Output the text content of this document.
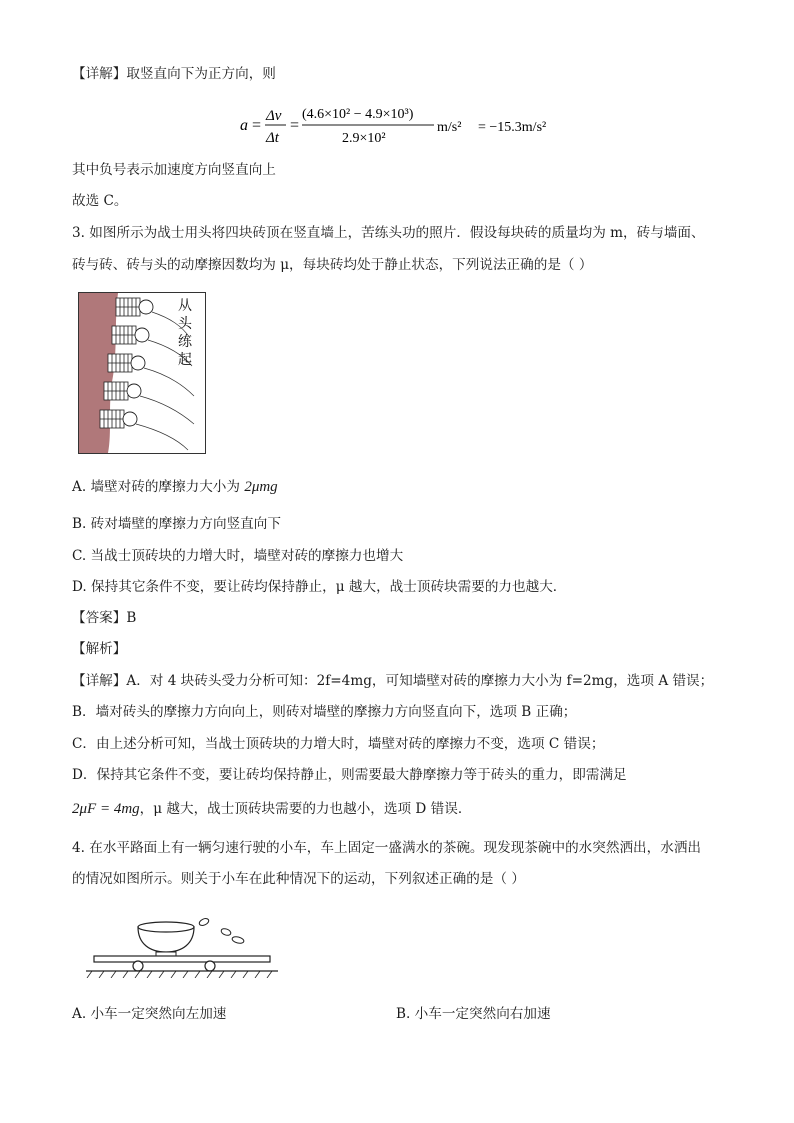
【详解】取竖直向下为正方向，则
a =
Δv
Δt
=
(4.6×10² − 4.9×10³)
2.9×10²
m/s² = −15.3m/s²
其中负号表示加速度方向竖直向上
故选 C。
3. 如图所示为战士用头将四块砖顶在竖直墙上，苦练头功的照片．假设每块砖的质量均为 m，砖与墙面、
砖与砖、砖与头的动摩擦因数均为 μ，每块砖均处于静止状态，下列说法正确的是（ ）
从
头
练
起
A. 墙壁对砖的摩擦力大小为 2μmg
B. 砖对墙壁的摩擦力方向竖直向下
C. 当战士顶砖块的力增大时，墙壁对砖的摩擦力也增大
D. 保持其它条件不变，要让砖均保持静止，μ 越大，战士顶砖块需要的力也越大．
【答案】B
【解析】
【详解】A．对 4 块砖头受力分析可知：2f=4mg，可知墙壁对砖的摩擦力大小为 f=2mg，选项 A 错误；
B．墙对砖头的摩擦力方向向上，则砖对墙壁的摩擦力方向竖直向下，选项 B 正确；
C．由上述分析可知，当战士顶砖块的力增大时，墙壁对砖的摩擦力不变，选项 C 错误；
D．保持其它条件不变，要让砖均保持静止，则需要最大静摩擦力等于砖头的重力，即需满足
2μF = 4mg，μ 越大，战士顶砖块需要的力也越小，选项 D 错误．
4. 在水平路面上有一辆匀速行驶的小车，车上固定一盛满水的茶碗。现发现茶碗中的水突然洒出，水洒出
的情况如图所示。则关于小车在此种情况下的运动，下列叙述正确的是（ ）
A. 小车一定突然向左加速	B. 小车一定突然向右加速
